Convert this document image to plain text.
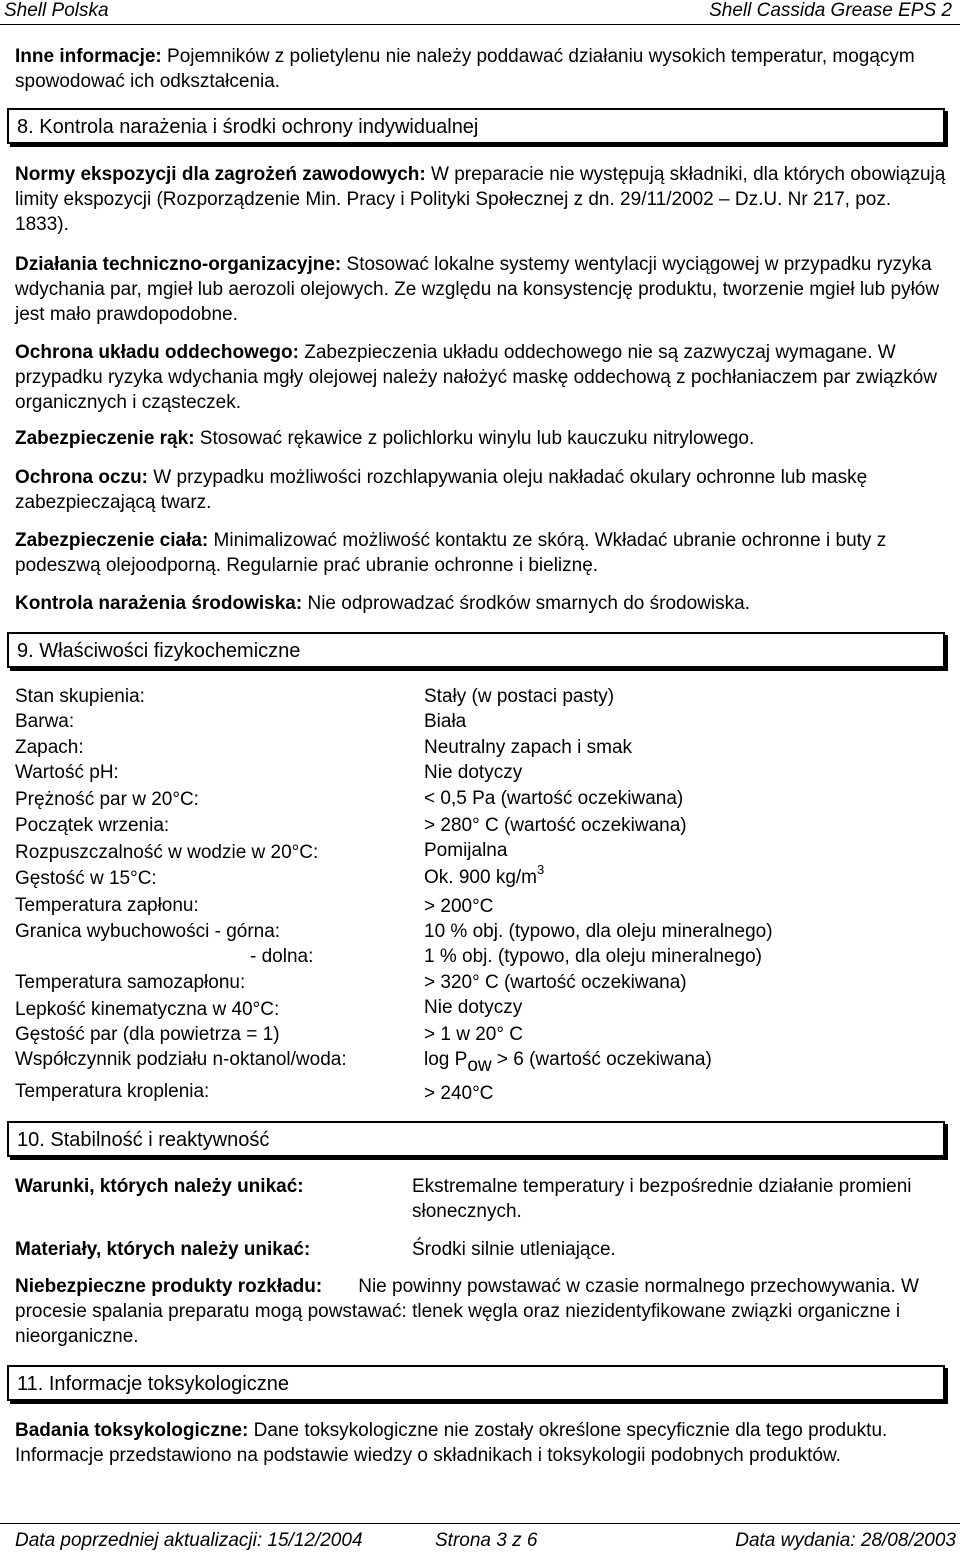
Shell Polska	Shell Cassida Grease EPS 2
Inne informacje: Pojemników z polietylenu nie należy poddawać działaniu wysokich temperatur, mogącym spowodować ich odkształcenia.
8. Kontrola narażenia i środki ochrony indywidualnej
Normy ekspozycji dla zagrożeń zawodowych: W preparacie nie występują składniki, dla których obowiązują limity ekspozycji (Rozporządzenie Min. Pracy i Polityki Społecznej z dn. 29/11/2002 – Dz.U. Nr 217, poz. 1833).
Działania techniczno-organizacyjne: Stosować lokalne systemy wentylacji wyciągowej w przypadku ryzyka wdychania par, mgieł lub aerozoli olejowych. Ze względu na konsystencję produktu, tworzenie mgieł lub pyłów jest mało prawdopodobne.
Ochrona układu oddechowego: Zabezpieczenia układu oddechowego nie są zazwyczaj wymagane. W przypadku ryzyka wdychania mgły olejowej należy nałożyć maskę oddechową z pochłaniaczem par związków organicznych i cząsteczek.
Zabezpieczenie rąk: Stosować rękawice z polichlorku winylu lub kauczuku nitrylowego.
Ochrona oczu: W przypadku możliwości rozchlapywania oleju nakładać okulary ochronne lub maskę zabezpieczającą twarz.
Zabezpieczenie ciała: Minimalizować możliwość kontaktu ze skórą. Wkładać ubranie ochronne i buty z podeszwą olejoodporną. Regularnie prać ubranie ochronne i bieliznę.
Kontrola narażenia środowiska: Nie odprowadzać środków smarnych do środowiska.
9. Właściwości fizykochemiczne
Stan skupienia:	Stały (w postaci pasty)
Barwa:	Biała
Zapach:	Neutralny zapach i smak
Wartość pH:	Nie dotyczy
Prężność par w 20°C:	< 0,5 Pa (wartość oczekiwana)
Początek wrzenia:	> 280° C (wartość oczekiwana)
Rozpuszczalność w wodzie w 20°C:	Pomijalna
Gęstość w 15°C:	Ok. 900 $kg/m^3$
Temperatura zapłonu:	> 200°C
Granica wybuchowości - górna:	10 % obj. (typowo, dla oleju mineralnego)
- dolna:	1 % obj. (typowo, dla oleju mineralnego)
Temperatura samozapłonu:	> 320° C (wartość oczekiwana)
Lepkość kinematyczna w 40°C:	Nie dotyczy
Gęstość par (dla powietrza = 1)	> 1 w 20° C
Współczynnik podziału n-oktanol/woda:	$\log P_{ow} > 6$ (wartość oczekiwana)
Temperatura kroplenia:	> 240°C
10. Stabilność i reaktywność
Warunki, których należy unikać:	Ekstremalne temperatury i bezpośrednie działanie promieni słonecznych.
Materiały, których należy unikać:	Środki silnie utleniające.
Niebezpieczne produkty rozkładu: Nie powinny powstawać w czasie normalnego przechowywania. W procesie spalania preparatu mogą powstawać: tlenek węgla oraz niezidentyfikowane związki organiczne i nieorganiczne.
11. Informacje toksykologiczne
Badania toksykologiczne: Dane toksykologiczne nie zostały określone specyficznie dla tego produktu. Informacje przedstawiono na podstawie wiedzy o składnikach i toksykologii podobnych produktów.
Data poprzedniej aktualizacji: 15/12/2004	Strona 3 z 6	Data wydania: 28/08/2003
